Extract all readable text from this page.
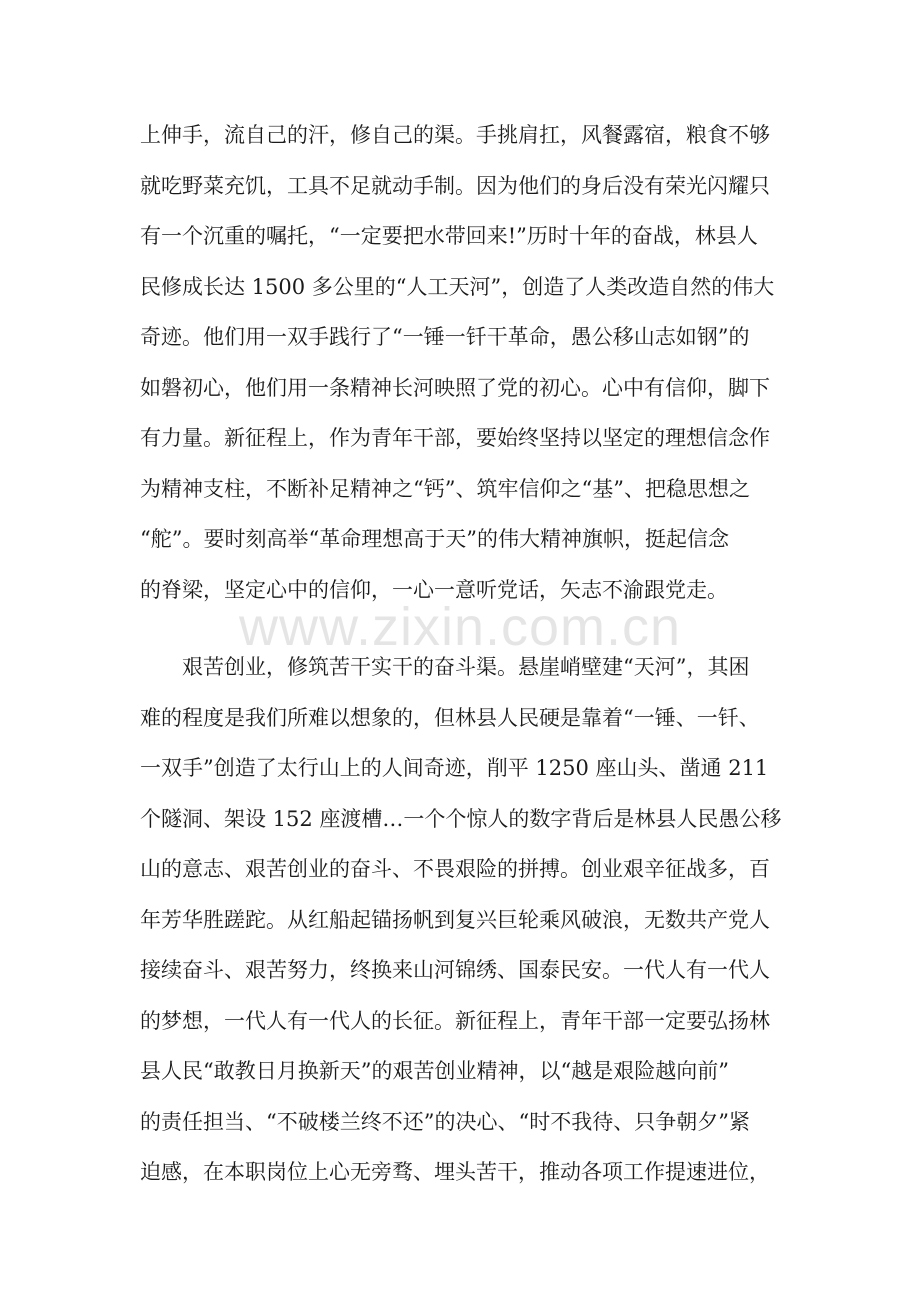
上伸手，流自己的汗，修自己的渠。手挑肩扛，风餐露宿，粮食不够
就吃野菜充饥，工具不足就动手制。因为他们的身后没有荣光闪耀只
有一个沉重的嘱托，“一定要把水带回来!”历时十年的奋战，林县人
民修成长达 1500 多公里的“人工天河”，创造了人类改造自然的伟大
奇迹。他们用一双手践行了“一锤一钎干革命，愚公移山志如钢”的
如磐初心，他们用一条精神长河映照了党的初心。心中有信仰，脚下
有力量。新征程上，作为青年干部，要始终坚持以坚定的理想信念作
为精神支柱，不断补足精神之“钙”、筑牢信仰之“基”、把稳思想之
“舵”。要时刻高举“革命理想高于天”的伟大精神旗帜，挺起信念
的脊梁，坚定心中的信仰，一心一意听党话，矢志不渝跟党走。
www.zixin.com.cn
　　艰苦创业，修筑苦干实干的奋斗渠。悬崖峭壁建“天河”，其困
难的程度是我们所难以想象的，但林县人民硬是靠着“一锤、一钎、
一双手”创造了太行山上的人间奇迹，削平 1250 座山头、凿通 211
个隧洞、架设 152 座渡槽…一个个惊人的数字背后是林县人民愚公移
山的意志、艰苦创业的奋斗、不畏艰险的拼搏。创业艰辛征战多，百
年芳华胜蹉跎。从红船起锚扬帆到复兴巨轮乘风破浪，无数共产党人
接续奋斗、艰苦努力，终换来山河锦绣、国泰民安。一代人有一代人
的梦想，一代人有一代人的长征。新征程上，青年干部一定要弘扬林
县人民“敢教日月换新天”的艰苦创业精神，以“越是艰险越向前”
的责任担当、“不破楼兰终不还”的决心、“时不我待、只争朝夕”紧
迫感，在本职岗位上心无旁骛、埋头苦干，推动各项工作提速进位，
